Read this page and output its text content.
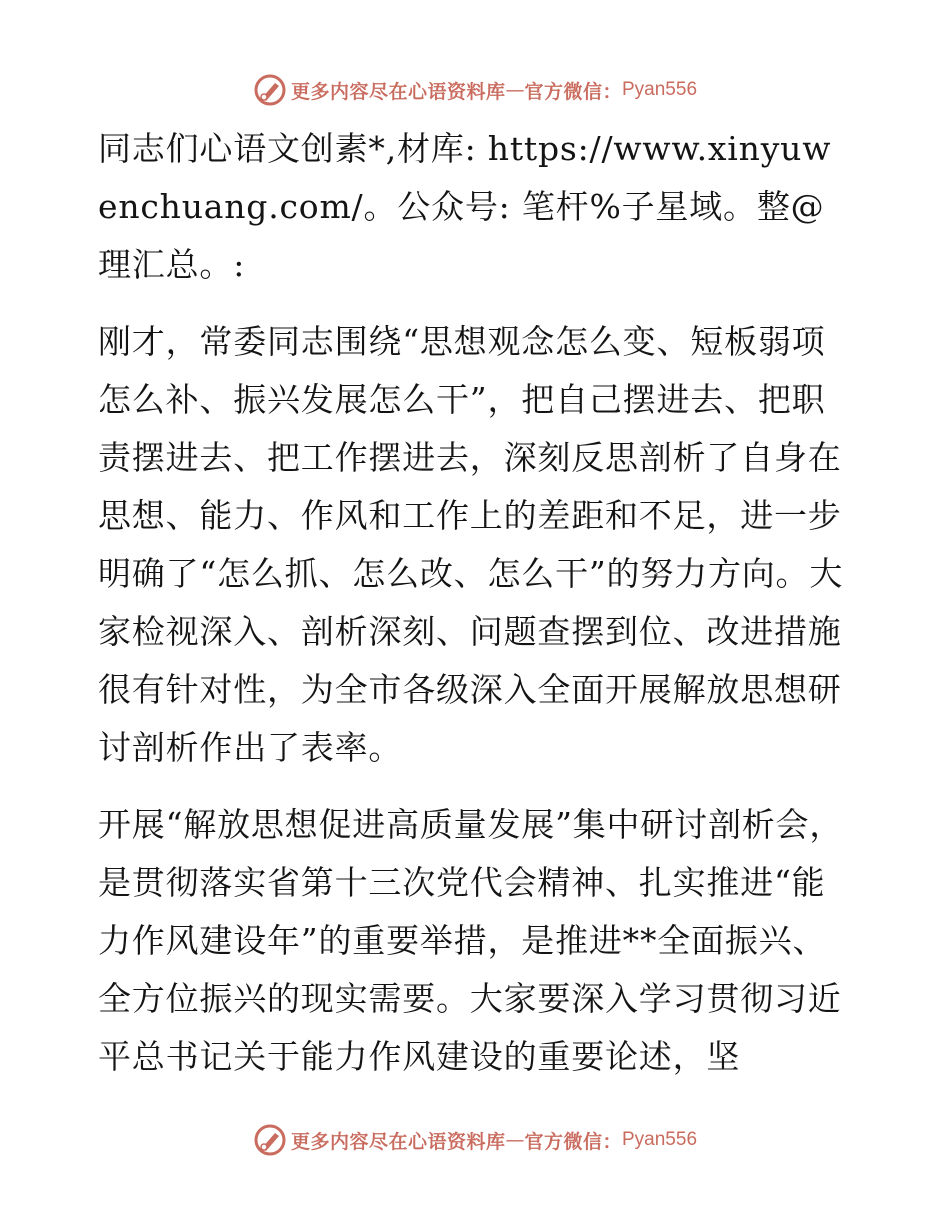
更多内容尽在心语资料库 — 官方微信： Pyan556

同志们心语文创素*,材库: https://www.xinyuwenchuang.com/。公众号: 笔杆%子星域。整@理汇总。:

刚才，常委同志围绕“思想观念怎么变、短板弱项怎么补、振兴发展怎么干”，把自己摆进去、把职责摆进去、把工作摆进去，深刻反思剖析了自身在思想、能力、作风和工作上的差距和不足，进一步明确了“怎么抓、怎么改、怎么干”的努力方向。大家检视深入、剖析深刻、问题查摆到位、改进措施很有针对性，为全市各级深入全面开展解放思想研讨剖析作出了表率。

开展“解放思想促进高质量发展”集中研讨剖析会，是贯彻落实省第十三次党代会精神、扎实推进“能力作风建设年”的重要举措，是推进**全面振兴、全方位振兴的现实需要。大家要深入学习贯彻习近平总书记关于能力作风建设的重要论述，坚

更多内容尽在心语资料库 — 官方微信： Pyan556
